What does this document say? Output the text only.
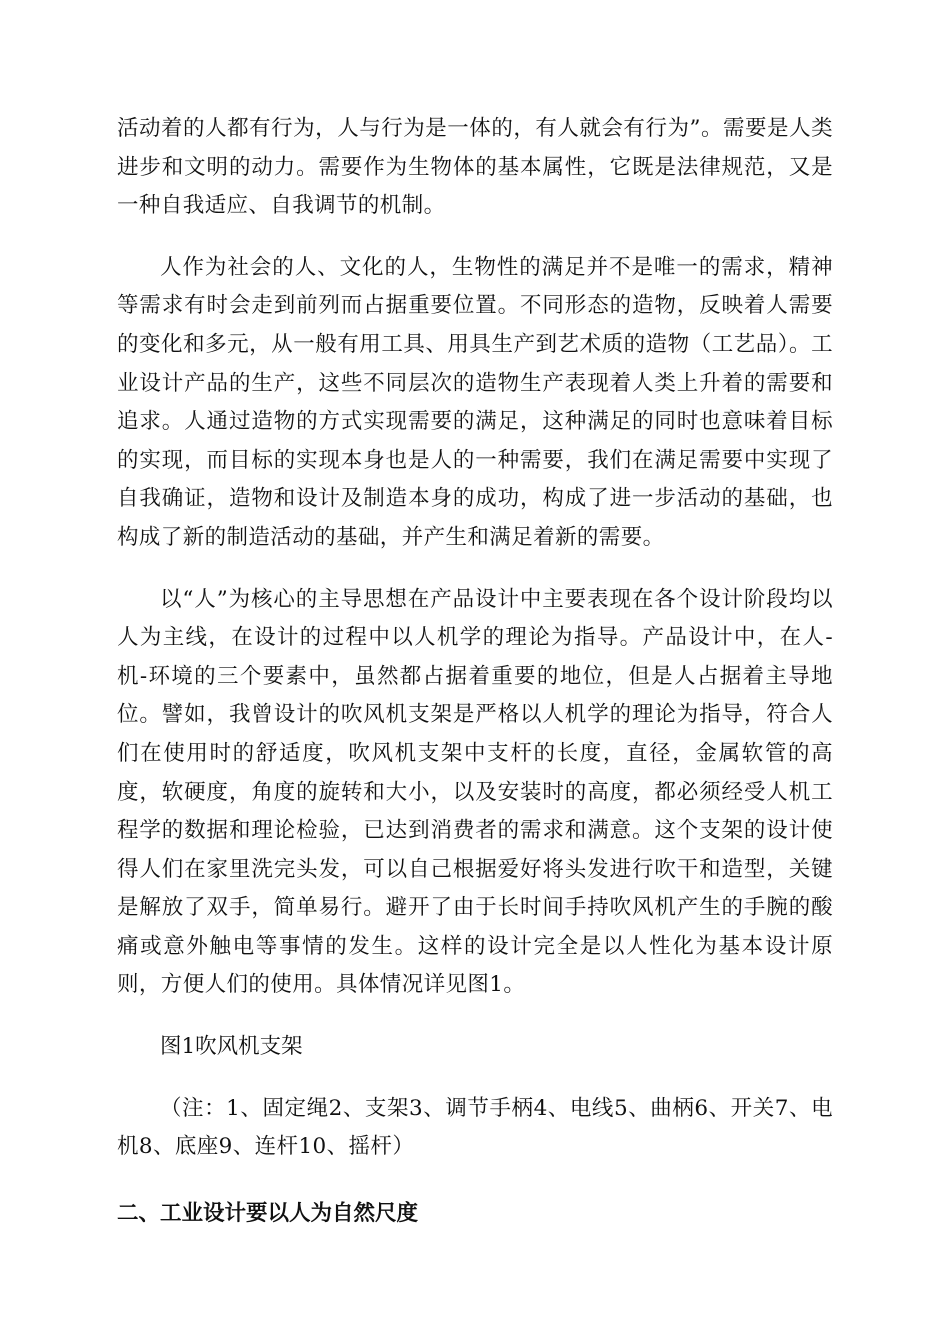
活动着的人都有行为，人与行为是一体的，有人就会有行为”。需要是人类进步和文明的动力。需要作为生物体的基本属性，它既是法律规范，又是一种自我适应、自我调节的机制。

人作为社会的人、文化的人，生物性的满足并不是唯一的需求，精神等需求有时会走到前列而占据重要位置。不同形态的造物，反映着人需要的变化和多元，从一般有用工具、用具生产到艺术质的造物（工艺品）。工业设计产品的生产，这些不同层次的造物生产表现着人类上升着的需要和追求。人通过造物的方式实现需要的满足，这种满足的同时也意味着目标的实现，而目标的实现本身也是人的一种需要，我们在满足需要中实现了自我确证，造物和设计及制造本身的成功，构成了进一步活动的基础，也构成了新的制造活动的基础，并产生和满足着新的需要。

以“人”为核心的主导思想在产品设计中主要表现在各个设计阶段均以人为主线，在设计的过程中以人机学的理论为指导。产品设计中，在人-机-环境的三个要素中，虽然都占据着重要的地位，但是人占据着主导地位。譬如，我曾设计的吹风机支架是严格以人机学的理论为指导，符合人们在使用时的舒适度，吹风机支架中支杆的长度，直径，金属软管的高度，软硬度，角度的旋转和大小，以及安装时的高度，都必须经受人机工程学的数据和理论检验，已达到消费者的需求和满意。这个支架的设计使得人们在家里洗完头发，可以自己根据爱好将头发进行吹干和造型，关键是解放了双手，简单易行。避开了由于长时间手持吹风机产生的手腕的酸痛或意外触电等事情的发生。这样的设计完全是以人性化为基本设计原则，方便人们的使用。具体情况详见图1。

图1吹风机支架

（注：1、固定绳2、支架3、调节手柄4、电线5、曲柄6、开关7、电机8、底座9、连杆10、摇杆）

二、工业设计要以人为自然尺度
